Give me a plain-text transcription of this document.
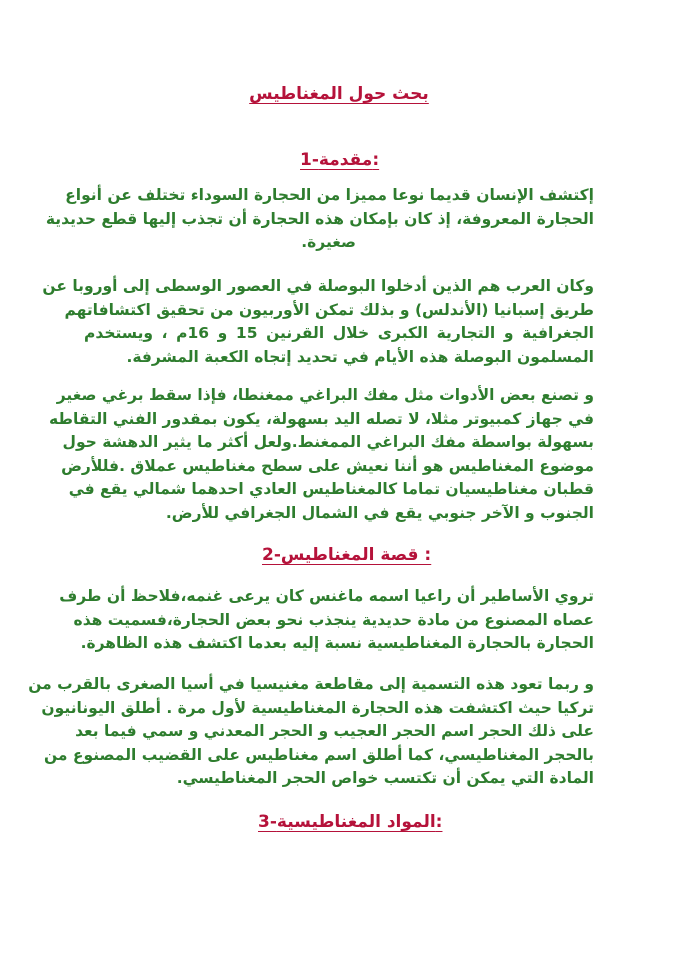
بحث حول المغناطيس
1-مقدمة:
إكتشف الإنسان قديما نوعا مميزا من الحجارة السوداء تختلف عن أنواع
الحجارة المعروفة، إذ كان بإمكان هذه الحجارة أن تجذب إليها قطع حديدية
صغيرة.
وكان العرب هم الذين أدخلوا البوصلة في العصور الوسطى إلى أوروبا عن
طريق إسبانيا (الأندلس) و بذلك تمكن الأوربيون من تحقيق اكتشافاتهم
الجغرافية و التجارية الكبرى خلال القرنين 15 و 16م ، ويستخدم
المسلمون البوصلة هذه الأيام في تحديد إتجاه الكعبة المشرفة.
و تصنع بعض الأدوات مثل مفك البراغي ممغنطا، فإذا سقط برغي صغير
في جهاز كمبيوتر مثلا، لا تصله اليد بسهولة، يكون بمقدور الفني التقاطه
بسهولة بواسطة مفك البراغي الممغنط.ولعل أكثر ما يثير الدهشة حول
موضوع المغناطيس هو أننا نعيش على سطح مغناطيس عملاق .فللأرض
قطبان مغناطيسيان تماما كالمغناطيس العادي احدهما شمالي يقع في
الجنوب و الآخر جنوبي يقع في الشمال الجغرافي للأرض.
2-قصة المغناطيس :
تروي الأساطير أن راعيا اسمه ماغنس كان يرعى غنمه،فلاحظ أن طرف
عصاه المصنوع من مادة حديدية ينجذب نحو بعض الحجارة،فسميت هذه
الحجارة بالحجارة المغناطيسية نسبة إليه بعدما اكتشف هذه الظاهرة.
و ربما تعود هذه التسمية إلى مقاطعة مغنيسيا في أسيا الصغرى بالقرب من
تركيا حيث اكتشفت هذه الحجارة المغناطيسية لأول مرة . أطلق اليونانيون
على ذلك الحجر اسم الحجر العجيب و الحجر المعدني و سمي فيما بعد
بالحجر المغناطيسي، كما أطلق اسم مغناطيس على القضيب المصنوع من
المادة التي يمكن أن تكتسب خواص الحجر المغناطيسي.
3-المواد المغناطيسية:
